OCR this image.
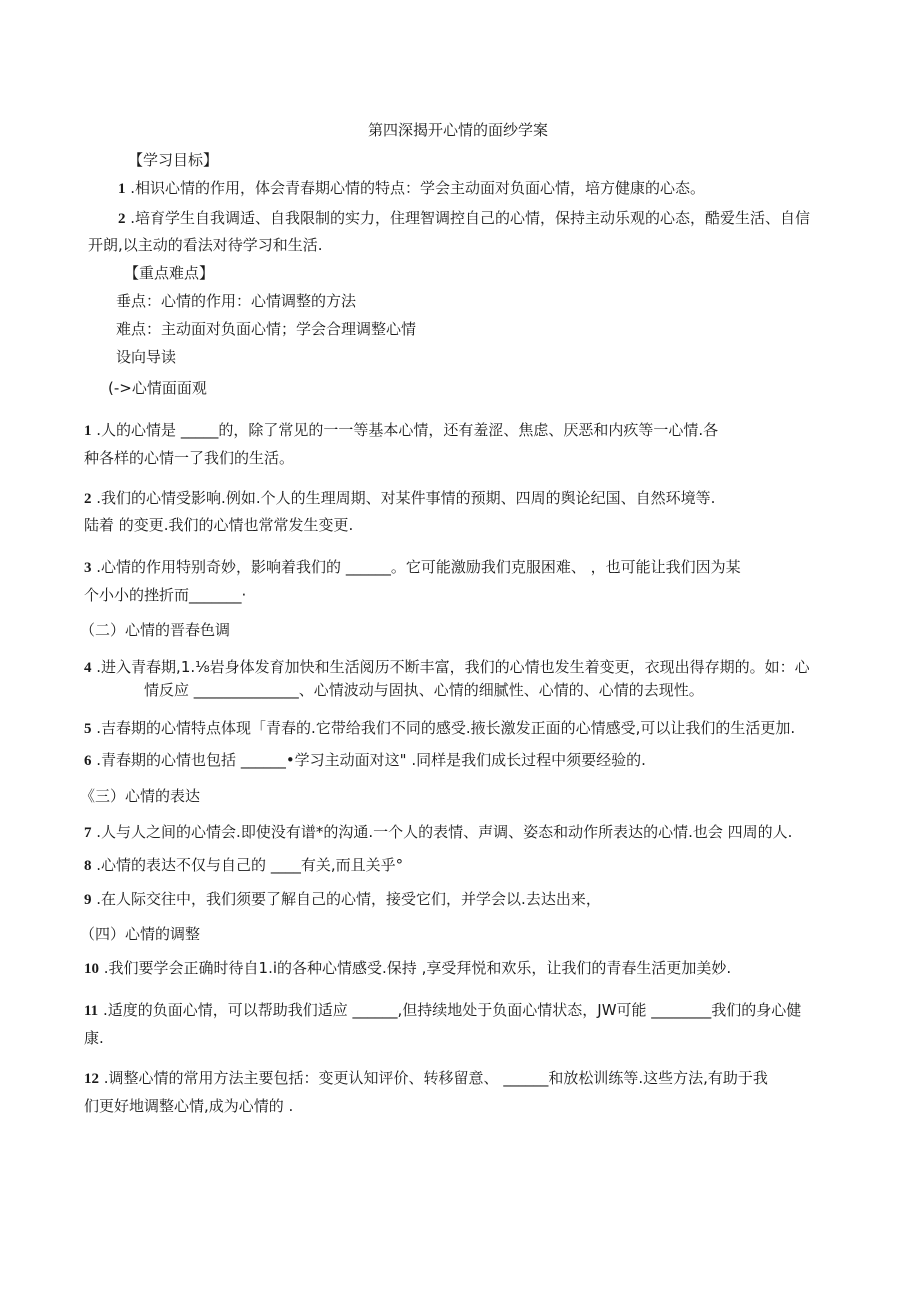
第四深揭开心情的面纱学案
【学习目标】
1 .相识心情的作用，体会青春期心情的特点：学会主动面对负面心情，培方健康的心态。
2 .培育学生自我调适、自我限制的实力，住理智调控自己的心情，保持主动乐观的心态，酷爱生活、自信
开朗,以主动的看法对待学习和生活.
【重点难点】
垂点：心情的作用：心情调整的方法
难点：主动面对负面心情；学会合理调整心情
设向导读
(->心情面面观
1 .人的心情是 _____的，除了常见的一一等基本心情，还有羞涩、焦虑、厌恶和内疚等一心情.各
种各样的心情一了我们的生活。
2 .我们的心情受影响.例如.个人的生理周期、对某件事情的预期、四周的舆论纪国、自然环境等.
陆着 的变更.我们的心情也常常发生变更.
3 .心情的作用特别奇妙，影响着我们的 ______。它可能激励我们克服困难、 ，也可能让我们因为某
个小小的挫折而_______·
（二）心情的晋春色调
4 .进入青春期,1.⅛岩身体发育加快和生活阅历不断丰富，我们的心情也发生着变更，衣现出得存期的。如：心
情反应 ______________、心情波动与固执、心情的细腻性、心情的、心情的去现性。
5 .吉春期的心情特点体现「青春的.它带给我们不同的感受.掖长激发正面的心情感受,可以让我们的生活更加.
6 .青春期的心情也包括 ______•学习主动面对这" .同样是我们成长过程中须要经验的.
《三）心情的表达
7 .人与人之间的心情会.即使没有谱*的沟通.一个人的表情、声调、姿态和动作所表达的心情.也会 四周的人.
8 .心情的表达不仅与自己的 ____有关,而且关乎°
9 .在人际交往中，我们须要了解自己的心情，接受它们，并学会以.去达出来，
（四）心情的调整
10 .我们要学会正确时待自1.i的各种心情感受.保持 ,享受拜悦和欢乐，让我们的青春生活更加美妙.
11 .适度的负面心情，可以帮助我们适应 ______,但持续地处于负面心情状态，JW可能 ________我们的身心健
康.
12 .调整心情的常用方法主要包括：变更认知评价、转移留意、 ______和放松训练等.这些方法,有助于我
们更好地调整心情,成为心情的 .
